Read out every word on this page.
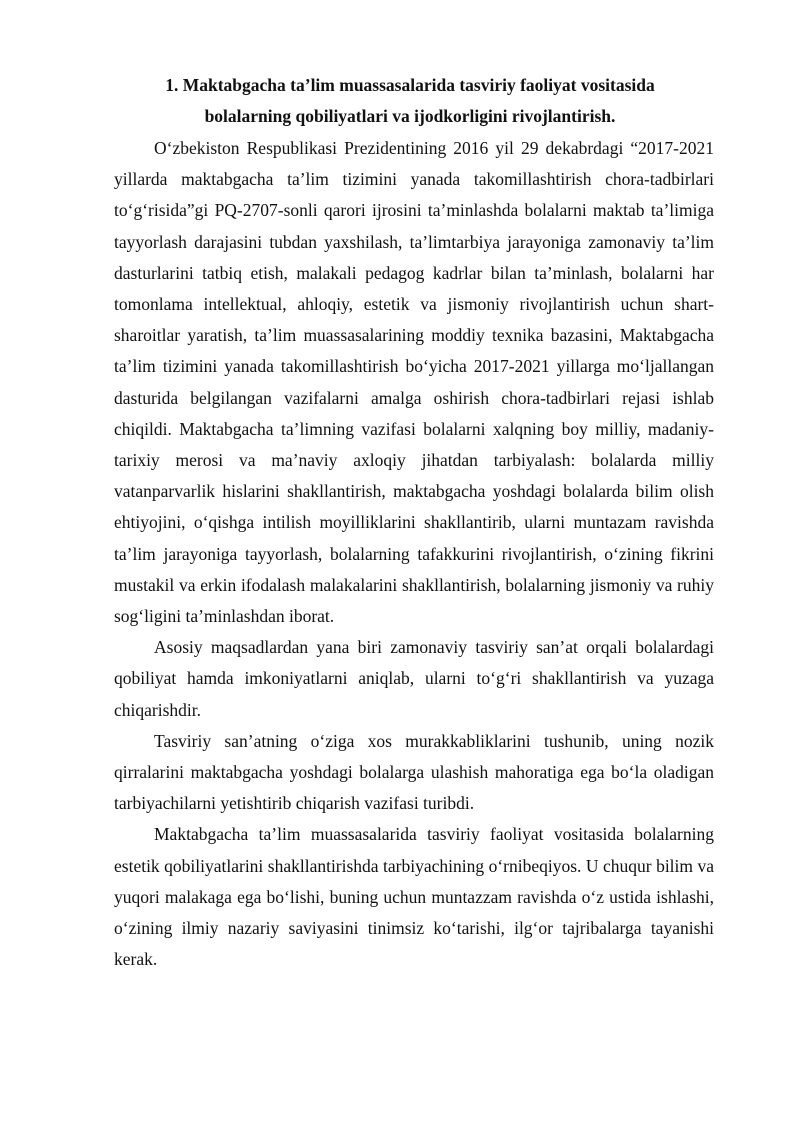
1. Maktabgacha ta’lim muassasalarida tasviriy faoliyat vositasida
bolalarning qobiliyatlari va ijodkorligini rivojlantirish.

O‘zbekiston Respublikasi Prezidentining 2016 yil 29 dekabrdagi “2017-2021 yillarda maktabgacha ta’lim tizimini yanada takomillashtirish chora-tadbirlari to‘g‘risida”gi PQ-2707-sonli qarori ijrosini ta’minlashda bolalarni maktab ta’limiga tayyorlash darajasini tubdan yaxshilash, ta’limtarbiya jarayoniga zamonaviy ta’lim dasturlarini tatbiq etish, malakali pedagog kadrlar bilan ta’minlash, bolalarni har tomonlama intellektual, ahloqiy, estetik va jismoniy rivojlantirish uchun shart-sharoitlar yaratish, ta’lim muassasalarining moddiy texnika bazasini, Maktabgacha ta’lim tizimini yanada takomillashtirish bo‘yicha 2017-2021 yillarga mo‘ljallangan dasturida belgilangan vazifalarni amalga oshirish chora-tadbirlari rejasi ishlab chiqildi. Maktabgacha ta’limning vazifasi bolalarni xalqning boy milliy, madaniy-tarixiy merosi va ma’naviy axloqiy jihatdan tarbiyalash: bolalarda milliy vatanparvarlik hislarini shakllantirish, maktabgacha yoshdagi bolalarda bilim olish ehtiyojini, o‘qishga intilish moyilliklarini shakllantirib, ularni muntazam ravishda ta’lim jarayoniga tayyorlash, bolalarning tafakkurini rivojlantirish, o‘zining fikrini mustakil va erkin ifodalash malakalarini shakllantirish, bolalarning jismoniy va ruhiy sog‘ligini ta’minlashdan iborat.

Asosiy maqsadlardan yana biri zamonaviy tasviriy san’at orqali bolalardagi qobiliyat hamda imkoniyatlarni aniqlab, ularni to‘g‘ri shakllantirish va yuzaga chiqarishdir.

Tasviriy san’atning o‘ziga xos murakkabliklarini tushunib, uning nozik qirralarini maktabgacha yoshdagi bolalarga ulashish mahoratiga ega bo‘la oladigan tarbiyachilarni yetishtirib chiqarish vazifasi turibdi.

Maktabgacha ta’lim muassasalarida tasviriy faoliyat vositasida bolalarning estetik qobiliyatlarini shakllantirishda tarbiyachining o‘rnibeqiyos. U chuqur bilim va yuqori malakaga ega bo‘lishi, buning uchun muntazzam ravishda o‘z ustida ishlashi, o‘zining ilmiy nazariy saviyasini tinimsiz ko‘tarishi, ilg‘or tajribalarga tayanishi kerak.
